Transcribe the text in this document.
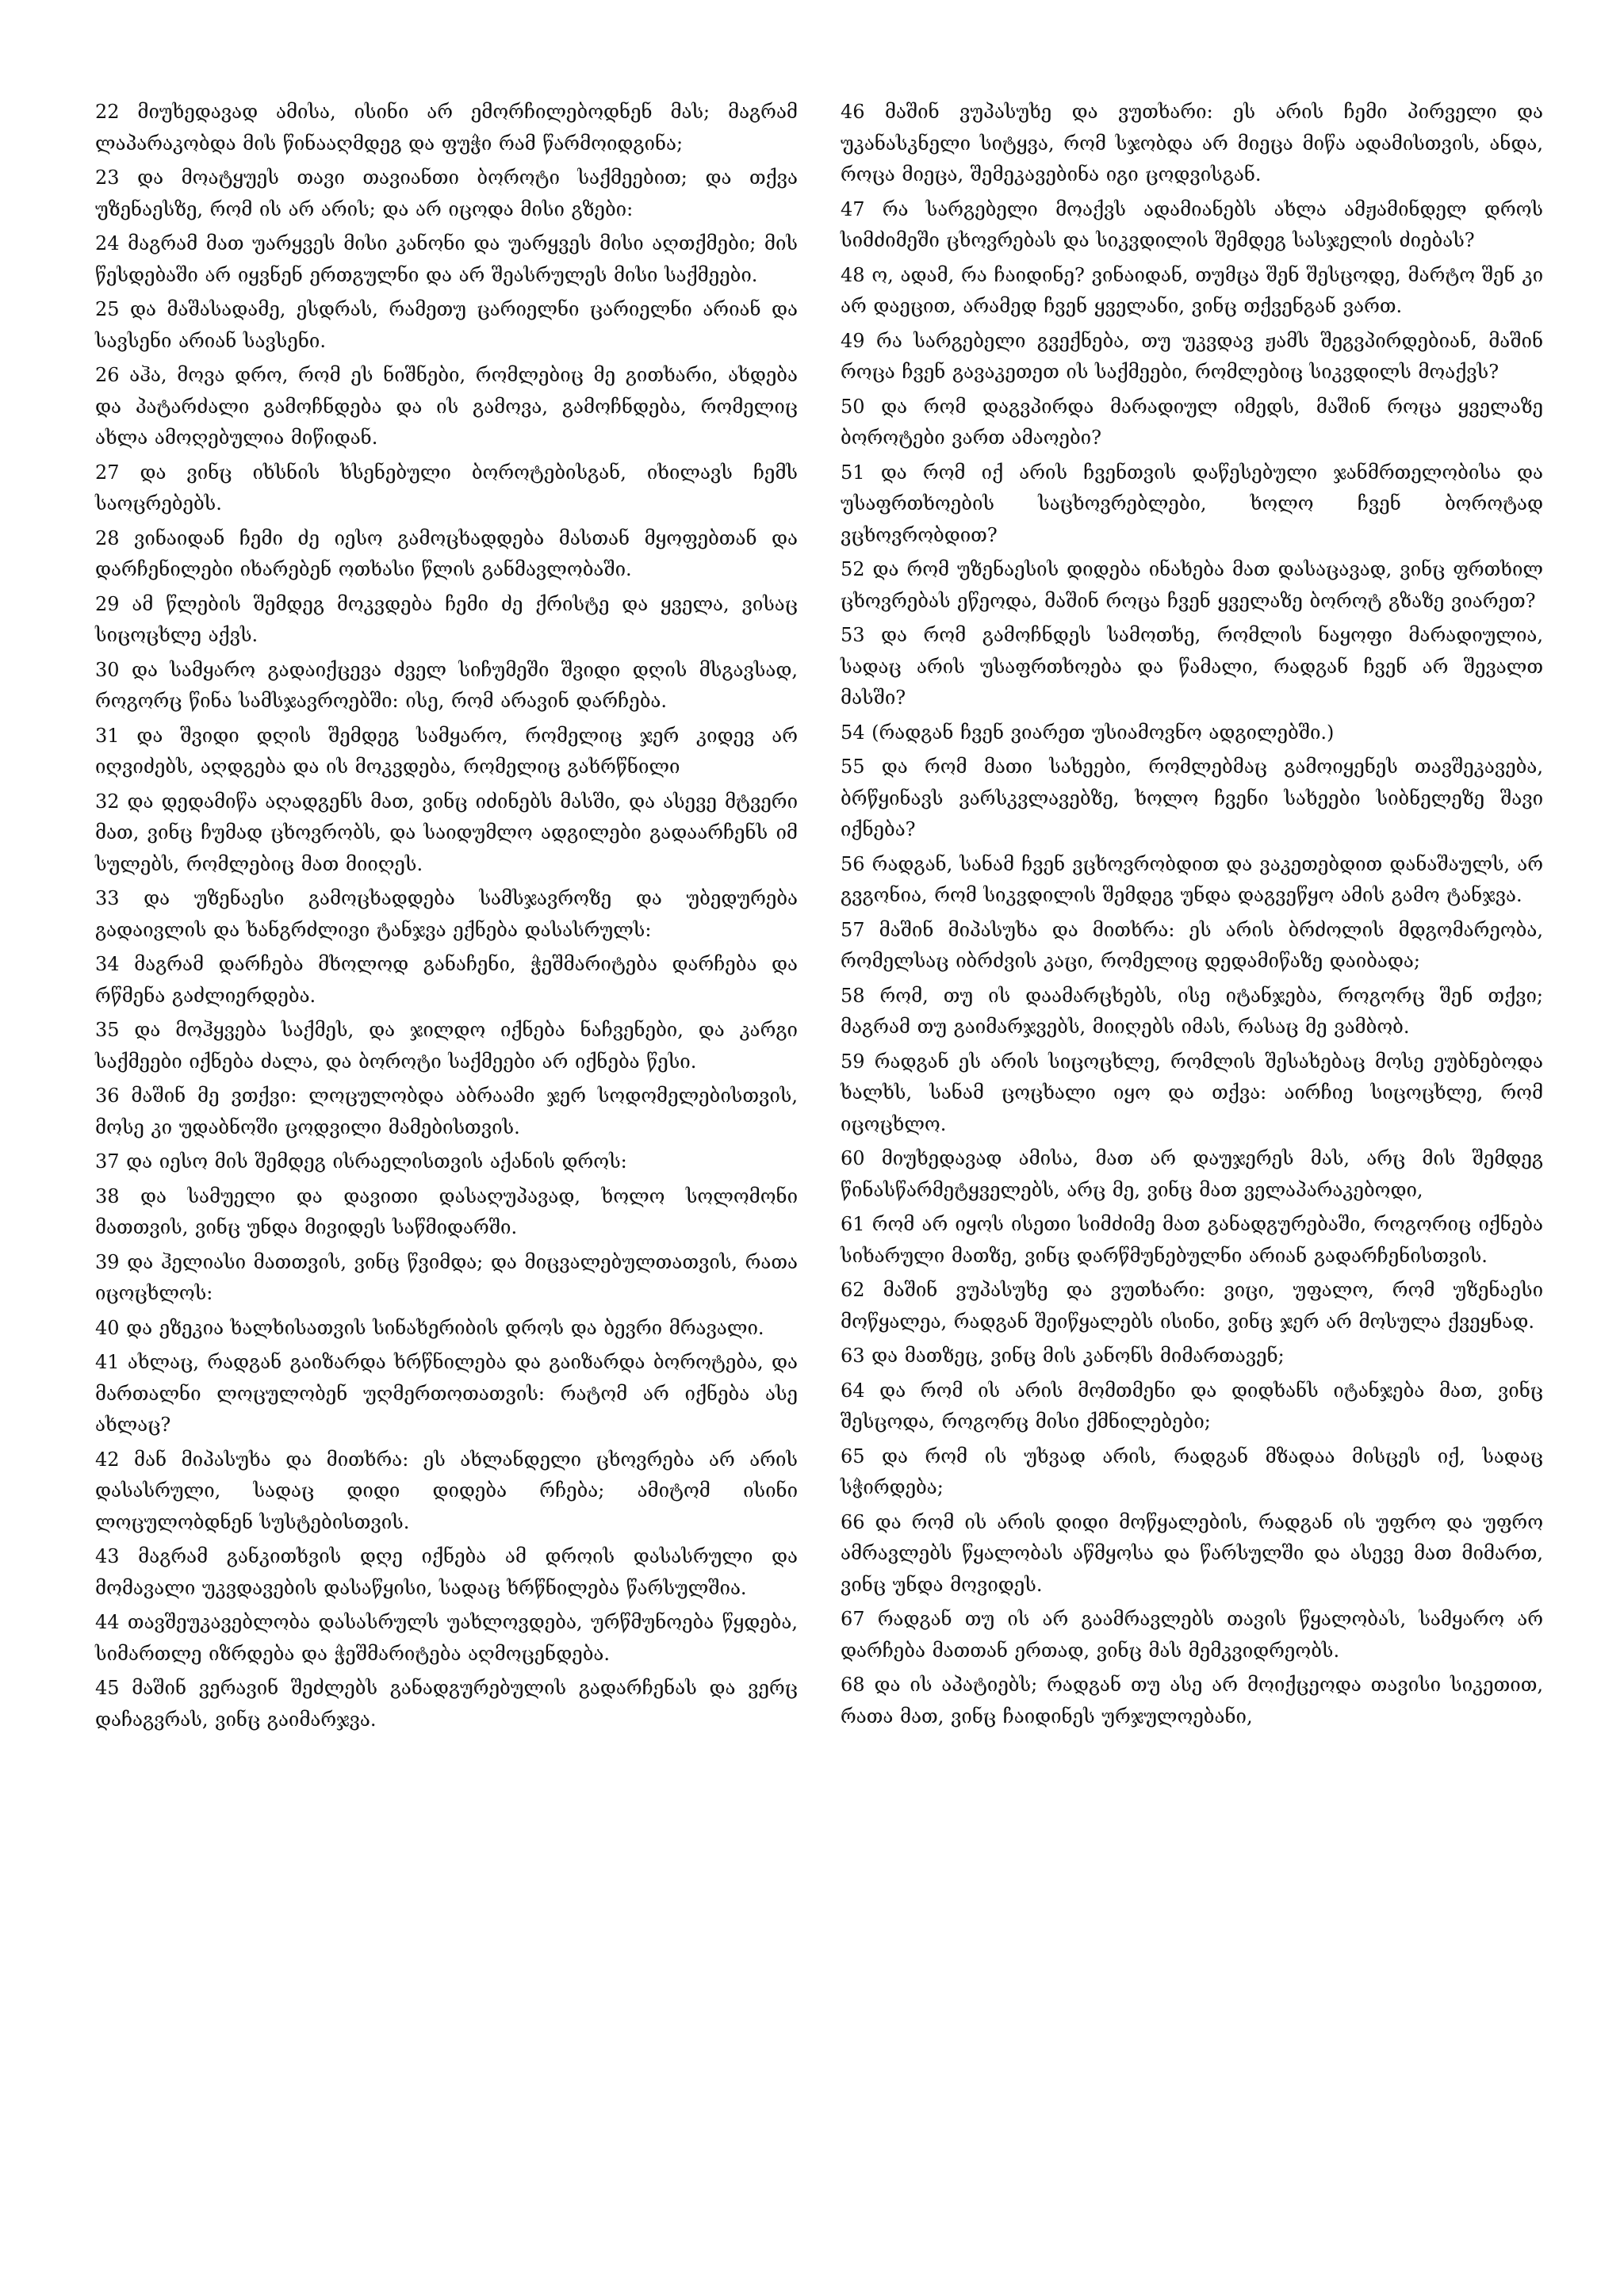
22 მიუხედავად ამისა, ისინი არ ემორჩილებოდნენ მას; მაგრამ ლაპარაკობდა მის წინააღმდეგ და ფუჭი რამ წარმოიდგინა;

23 და მოატყუეს თავი თავიანთი ბოროტი საქმეებით; და თქვა უზენაესზე, რომ ის არ არის; და არ იცოდა მისი გზები:

24 მაგრამ მათ უარყვეს მისი კანონი და უარყვეს მისი აღთქმები; მის წესდებაში არ იყვნენ ერთგულნი და არ შეასრულეს მისი საქმეები.

25 და მაშასადამე, ესდრას, რამეთუ ცარიელნი ცარიელნი არიან და სავსენი არიან სავსენი.

26 აჰა, მოვა დრო, რომ ეს ნიშნები, რომლებიც მე გითხარი, ახდება და პატარძალი გამოჩნდება და ის გამოვა, გამოჩნდება, რომელიც ახლა ამოღებულია მიწიდან.

27 და ვინც იხსნის ხსენებული ბოროტებისგან, იხილავს ჩემს საოცრებებს.

28 ვინაიდან ჩემი ძე იესო გამოცხადდება მასთან მყოფებთან და დარჩენილები იხარებენ ოთხასი წლის განმავლობაში.

29 ამ წლების შემდეგ მოკვდება ჩემი ძე ქრისტე და ყველა, ვისაც სიცოცხლე აქვს.

30 და სამყარო გადაიქცევა ძველ სიჩუმეში შვიდი დღის მსგავსად, როგორც წინა სამსჯავროებში: ისე, რომ არავინ დარჩება.

31 და შვიდი დღის შემდეგ სამყარო, რომელიც ჯერ კიდევ არ იღვიძებს, აღდგება და ის მოკვდება, რომელიც გახრწნილი

32 და დედამიწა აღადგენს მათ, ვინც იძინებს მასში, და ასევე მტვერი მათ, ვინც ჩუმად ცხოვრობს, და საიდუმლო ადგილები გადაარჩენს იმ სულებს, რომლებიც მათ მიიღეს.

33 და უზენაესი გამოცხადდება სამსჯავროზე და უბედურება გადაივლის და ხანგრძლივი ტანჯვა ექნება დასასრულს:

34 მაგრამ დარჩება მხოლოდ განაჩენი, ჭეშმარიტება დარჩება და რწმენა გაძლიერდება.

35 და მოჰყვება საქმეს, და ჯილდო იქნება ნაჩვენები, და კარგი საქმეები იქნება ძალა, და ბოროტი საქმეები არ იქნება წესი.

36 მაშინ მე ვთქვი: ლოცულობდა აბრაამი ჯერ სოდომელებისთვის, მოსე კი უდაბნოში ცოდვილი მამებისთვის.

37 და იესო მის შემდეგ ისრაელისთვის აქანის დროს:

38 და სამუელი და დავითი დასაღუპავად, ხოლო სოლომონი მათთვის, ვინც უნდა მივიდეს საწმიდარში.

39 და ჰელიასი მათთვის, ვინც წვიმდა; და მიცვალებულთათვის, რათა იცოცხლოს:

40 და ეზეკია ხალხისათვის სინახერიბის დროს და ბევრი მრავალი.

41 ახლაც, რადგან გაიზარდა ხრწნილება და გაიზარდა ბოროტება, და მართალნი ლოცულობენ უღმერთოთათვის: რატომ არ იქნება ასე ახლაც?

42 მან მიპასუხა და მითხრა: ეს ახლანდელი ცხოვრება არ არის დასასრული, სადაც დიდი დიდება რჩება; ამიტომ ისინი ლოცულობდნენ სუსტებისთვის.

43 მაგრამ განკითხვის დღე იქნება ამ დროის დასასრული და მომავალი უკვდავების დასაწყისი, სადაც ხრწნილება წარსულშია.

44 თავშეუკავებლობა დასასრულს უახლოვდება, ურწმუნოება წყდება, სიმართლე იზრდება და ჭეშმარიტება აღმოცენდება.

45 მაშინ ვერავინ შეძლებს განადგურებულის გადარჩენას და ვერც დაჩაგვრას, ვინც გაიმარჯვა.

46 მაშინ ვუპასუხე და ვუთხარი: ეს არის ჩემი პირველი და უკანასკნელი სიტყვა, რომ სჯობდა არ მიეცა მიწა ადამისთვის, ანდა, როცა მიეცა, შემეკავებინა იგი ცოდვისგან.

47 რა სარგებელი მოაქვს ადამიანებს ახლა ამჟამინდელ დროს სიმძიმეში ცხოვრებას და სიკვდილის შემდეგ სასჯელის ძიებას?

48 ო, ადამ, რა ჩაიდინე? ვინაიდან, თუმცა შენ შესცოდე, მარტო შენ კი არ დაეცით, არამედ ჩვენ ყველანი, ვინც თქვენგან ვართ.

49 რა სარგებელი გვექნება, თუ უკვდავ ჟამს შეგვპირდებიან, მაშინ როცა ჩვენ გავაკეთეთ ის საქმეები, რომლებიც სიკვდილს მოაქვს?

50 და რომ დაგვპირდა მარადიულ იმედს, მაშინ როცა ყველაზე ბოროტები ვართ ამაოები?

51 და რომ იქ არის ჩვენთვის დაწესებული ჯანმრთელობისა და უსაფრთხოების საცხოვრებლები, ხოლო ჩვენ ბოროტად ვცხოვრობდით?

52 და რომ უზენაესის დიდება ინახება მათ დასაცავად, ვინც ფრთხილ ცხოვრებას ეწეოდა, მაშინ როცა ჩვენ ყველაზე ბოროტ გზაზე ვიარეთ?

53 და რომ გამოჩნდეს სამოთხე, რომლის ნაყოფი მარადიულია, სადაც არის უსაფრთხოება და წამალი, რადგან ჩვენ არ შევალთ მასში?

54 (რადგან ჩვენ ვიარეთ უსიამოვნო ადგილებში.)

55 და რომ მათი სახეები, რომლებმაც გამოიყენეს თავშეკავება, ბრწყინავს ვარსკვლავებზე, ხოლო ჩვენი სახეები სიბნელეზე შავი იქნება?

56 რადგან, სანამ ჩვენ ვცხოვრობდით და ვაკეთებდით დანაშაულს, არ გვგონია, რომ სიკვდილის შემდეგ უნდა დაგვეწყო ამის გამო ტანჯვა.

57 მაშინ მიპასუხა და მითხრა: ეს არის ბრძოლის მდგომარეობა, რომელსაც იბრძვის კაცი, რომელიც დედამიწაზე დაიბადა;

58 რომ, თუ ის დაამარცხებს, ისე იტანჯება, როგორც შენ თქვი; მაგრამ თუ გაიმარჯვებს, მიიღებს იმას, რასაც მე ვამბობ.

59 რადგან ეს არის სიცოცხლე, რომლის შესახებაც მოსე ეუბნებოდა ხალხს, სანამ ცოცხალი იყო და თქვა: აირჩიე სიცოცხლე, რომ იცოცხლო.

60 მიუხედავად ამისა, მათ არ დაუჯერეს მას, არც მის შემდეგ წინასწარმეტყველებს, არც მე, ვინც მათ ველაპარაკებოდი,

61 რომ არ იყოს ისეთი სიმძიმე მათ განადგურებაში, როგორიც იქნება სიხარული მათზე, ვინც დარწმუნებულნი არიან გადარჩენისთვის.

62 მაშინ ვუპასუხე და ვუთხარი: ვიცი, უფალო, რომ უზენაესი მოწყალეა, რადგან შეიწყალებს ისინი, ვინც ჯერ არ მოსულა ქვეყნად.

63 და მათზეც, ვინც მის კანონს მიმართავენ;

64 და რომ ის არის მომთმენი და დიდხანს იტანჯება მათ, ვინც შესცოდა, როგორც მისი ქმნილებები;

65 და რომ ის უხვად არის, რადგან მზადაა მისცეს იქ, სადაც სჭირდება;

66 და რომ ის არის დიდი მოწყალების, რადგან ის უფრო და უფრო ამრავლებს წყალობას აწმყოსა და წარსულში და ასევე მათ მიმართ, ვინც უნდა მოვიდეს.

67 რადგან თუ ის არ გაამრავლებს თავის წყალობას, სამყარო არ დარჩება მათთან ერთად, ვინც მას მემკვიდრეობს.

68 და ის აპატიებს; რადგან თუ ასე არ მოიქცეოდა თავისი სიკეთით, რათა მათ, ვინც ჩაიდინეს ურჯულოებანი,
